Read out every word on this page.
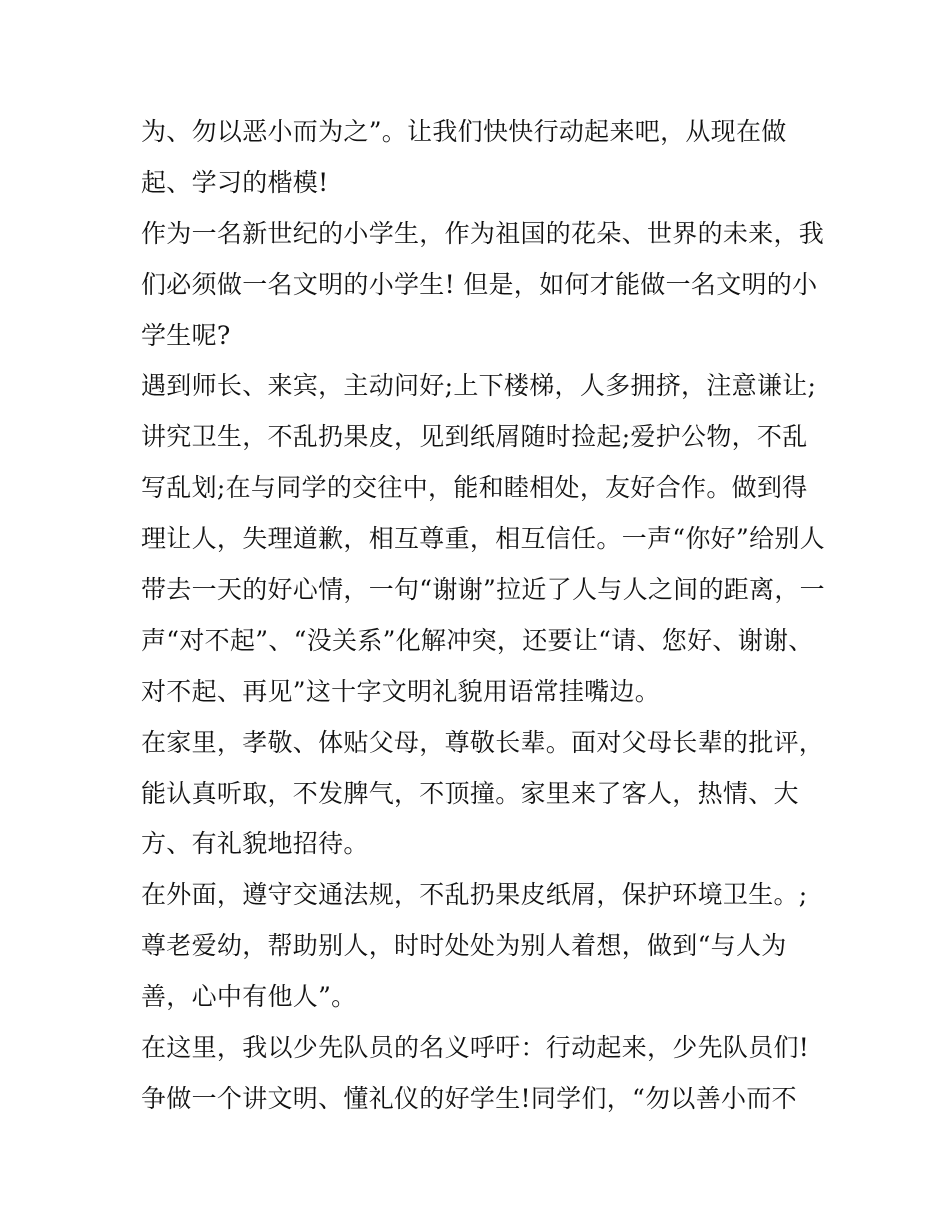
为、勿以恶小而为之”。让我们快快行动起来吧，从现在做
起、学习的楷模!
作为一名新世纪的小学生，作为祖国的花朵、世界的未来，我
们必须做一名文明的小学生! 但是，如何才能做一名文明的小
学生呢?
遇到师长、来宾，主动问好;上下楼梯，人多拥挤，注意谦让;
讲究卫生，不乱扔果皮，见到纸屑随时捡起;爱护公物，不乱
写乱划;在与同学的交往中，能和睦相处，友好合作。做到得
理让人，失理道歉，相互尊重，相互信任。一声“你好”给别人
带去一天的好心情，一句“谢谢”拉近了人与人之间的距离，一
声“对不起”、“没关系”化解冲突，还要让“请、您好、谢谢、
对不起、再见”这十字文明礼貌用语常挂嘴边。
在家里，孝敬、体贴父母，尊敬长辈。面对父母长辈的批评，
能认真听取，不发脾气，不顶撞。家里来了客人，热情、大
方、有礼貌地招待。
在外面，遵守交通法规，不乱扔果皮纸屑，保护环境卫生。;
尊老爱幼，帮助别人，时时处处为别人着想，做到“与人为
善，心中有他人”。
在这里，我以少先队员的名义呼吁：行动起来，少先队员们!
争做一个讲文明、懂礼仪的好学生!同学们，“勿以善小而不
